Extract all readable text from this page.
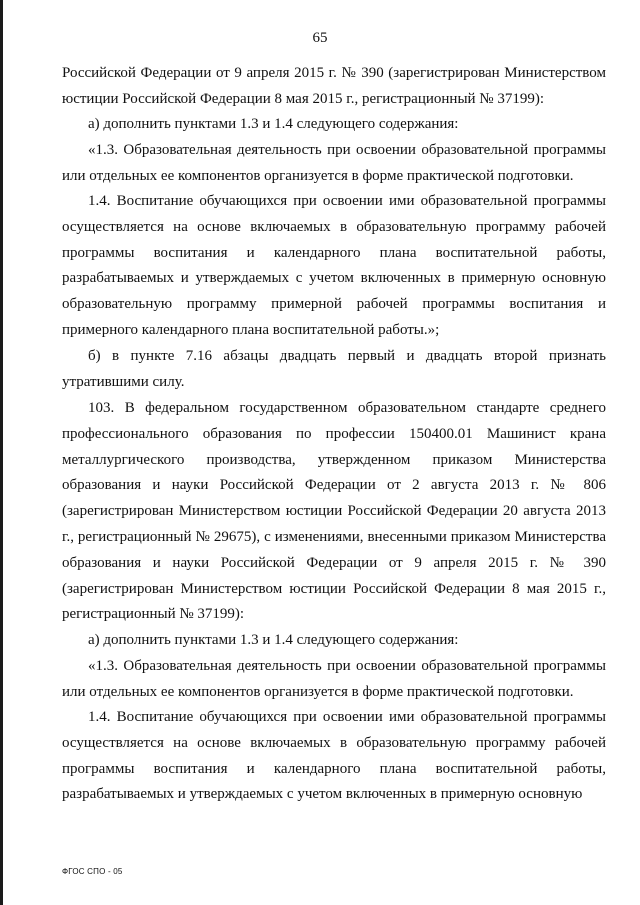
65

Российской Федерации от 9 апреля 2015 г. № 390 (зарегистрирован Министерством юстиции Российской Федерации 8 мая 2015 г., регистрационный № 37199):

а) дополнить пунктами 1.3 и 1.4 следующего содержания:

«1.3. Образовательная деятельность при освоении образовательной программы или отдельных ее компонентов организуется в форме практической подготовки.

1.4. Воспитание обучающихся при освоении ими образовательной программы осуществляется на основе включаемых в образовательную программу рабочей программы воспитания и календарного плана воспитательной работы, разрабатываемых и утверждаемых с учетом включенных в примерную основную образовательную программу примерной рабочей программы воспитания и примерного календарного плана воспитательной работы.»;

б) в пункте 7.16 абзацы двадцать первый и двадцать второй признать утратившими силу.

103. В федеральном государственном образовательном стандарте среднего профессионального образования по профессии 150400.01 Машинист крана металлургического производства, утвержденном приказом Министерства образования и науки Российской Федерации от 2 августа 2013 г. № 806 (зарегистрирован Министерством юстиции Российской Федерации 20 августа 2013 г., регистрационный № 29675), с изменениями, внесенными приказом Министерства образования и науки Российской Федерации от 9 апреля 2015 г. № 390 (зарегистрирован Министерством юстиции Российской Федерации 8 мая 2015 г., регистрационный № 37199):

а) дополнить пунктами 1.3 и 1.4 следующего содержания:

«1.3. Образовательная деятельность при освоении образовательной программы или отдельных ее компонентов организуется в форме практической подготовки.

1.4. Воспитание обучающихся при освоении ими образовательной программы осуществляется на основе включаемых в образовательную программу рабочей программы воспитания и календарного плана воспитательной работы, разрабатываемых и утверждаемых с учетом включенных в примерную основную

ФГОС СПО - 05
